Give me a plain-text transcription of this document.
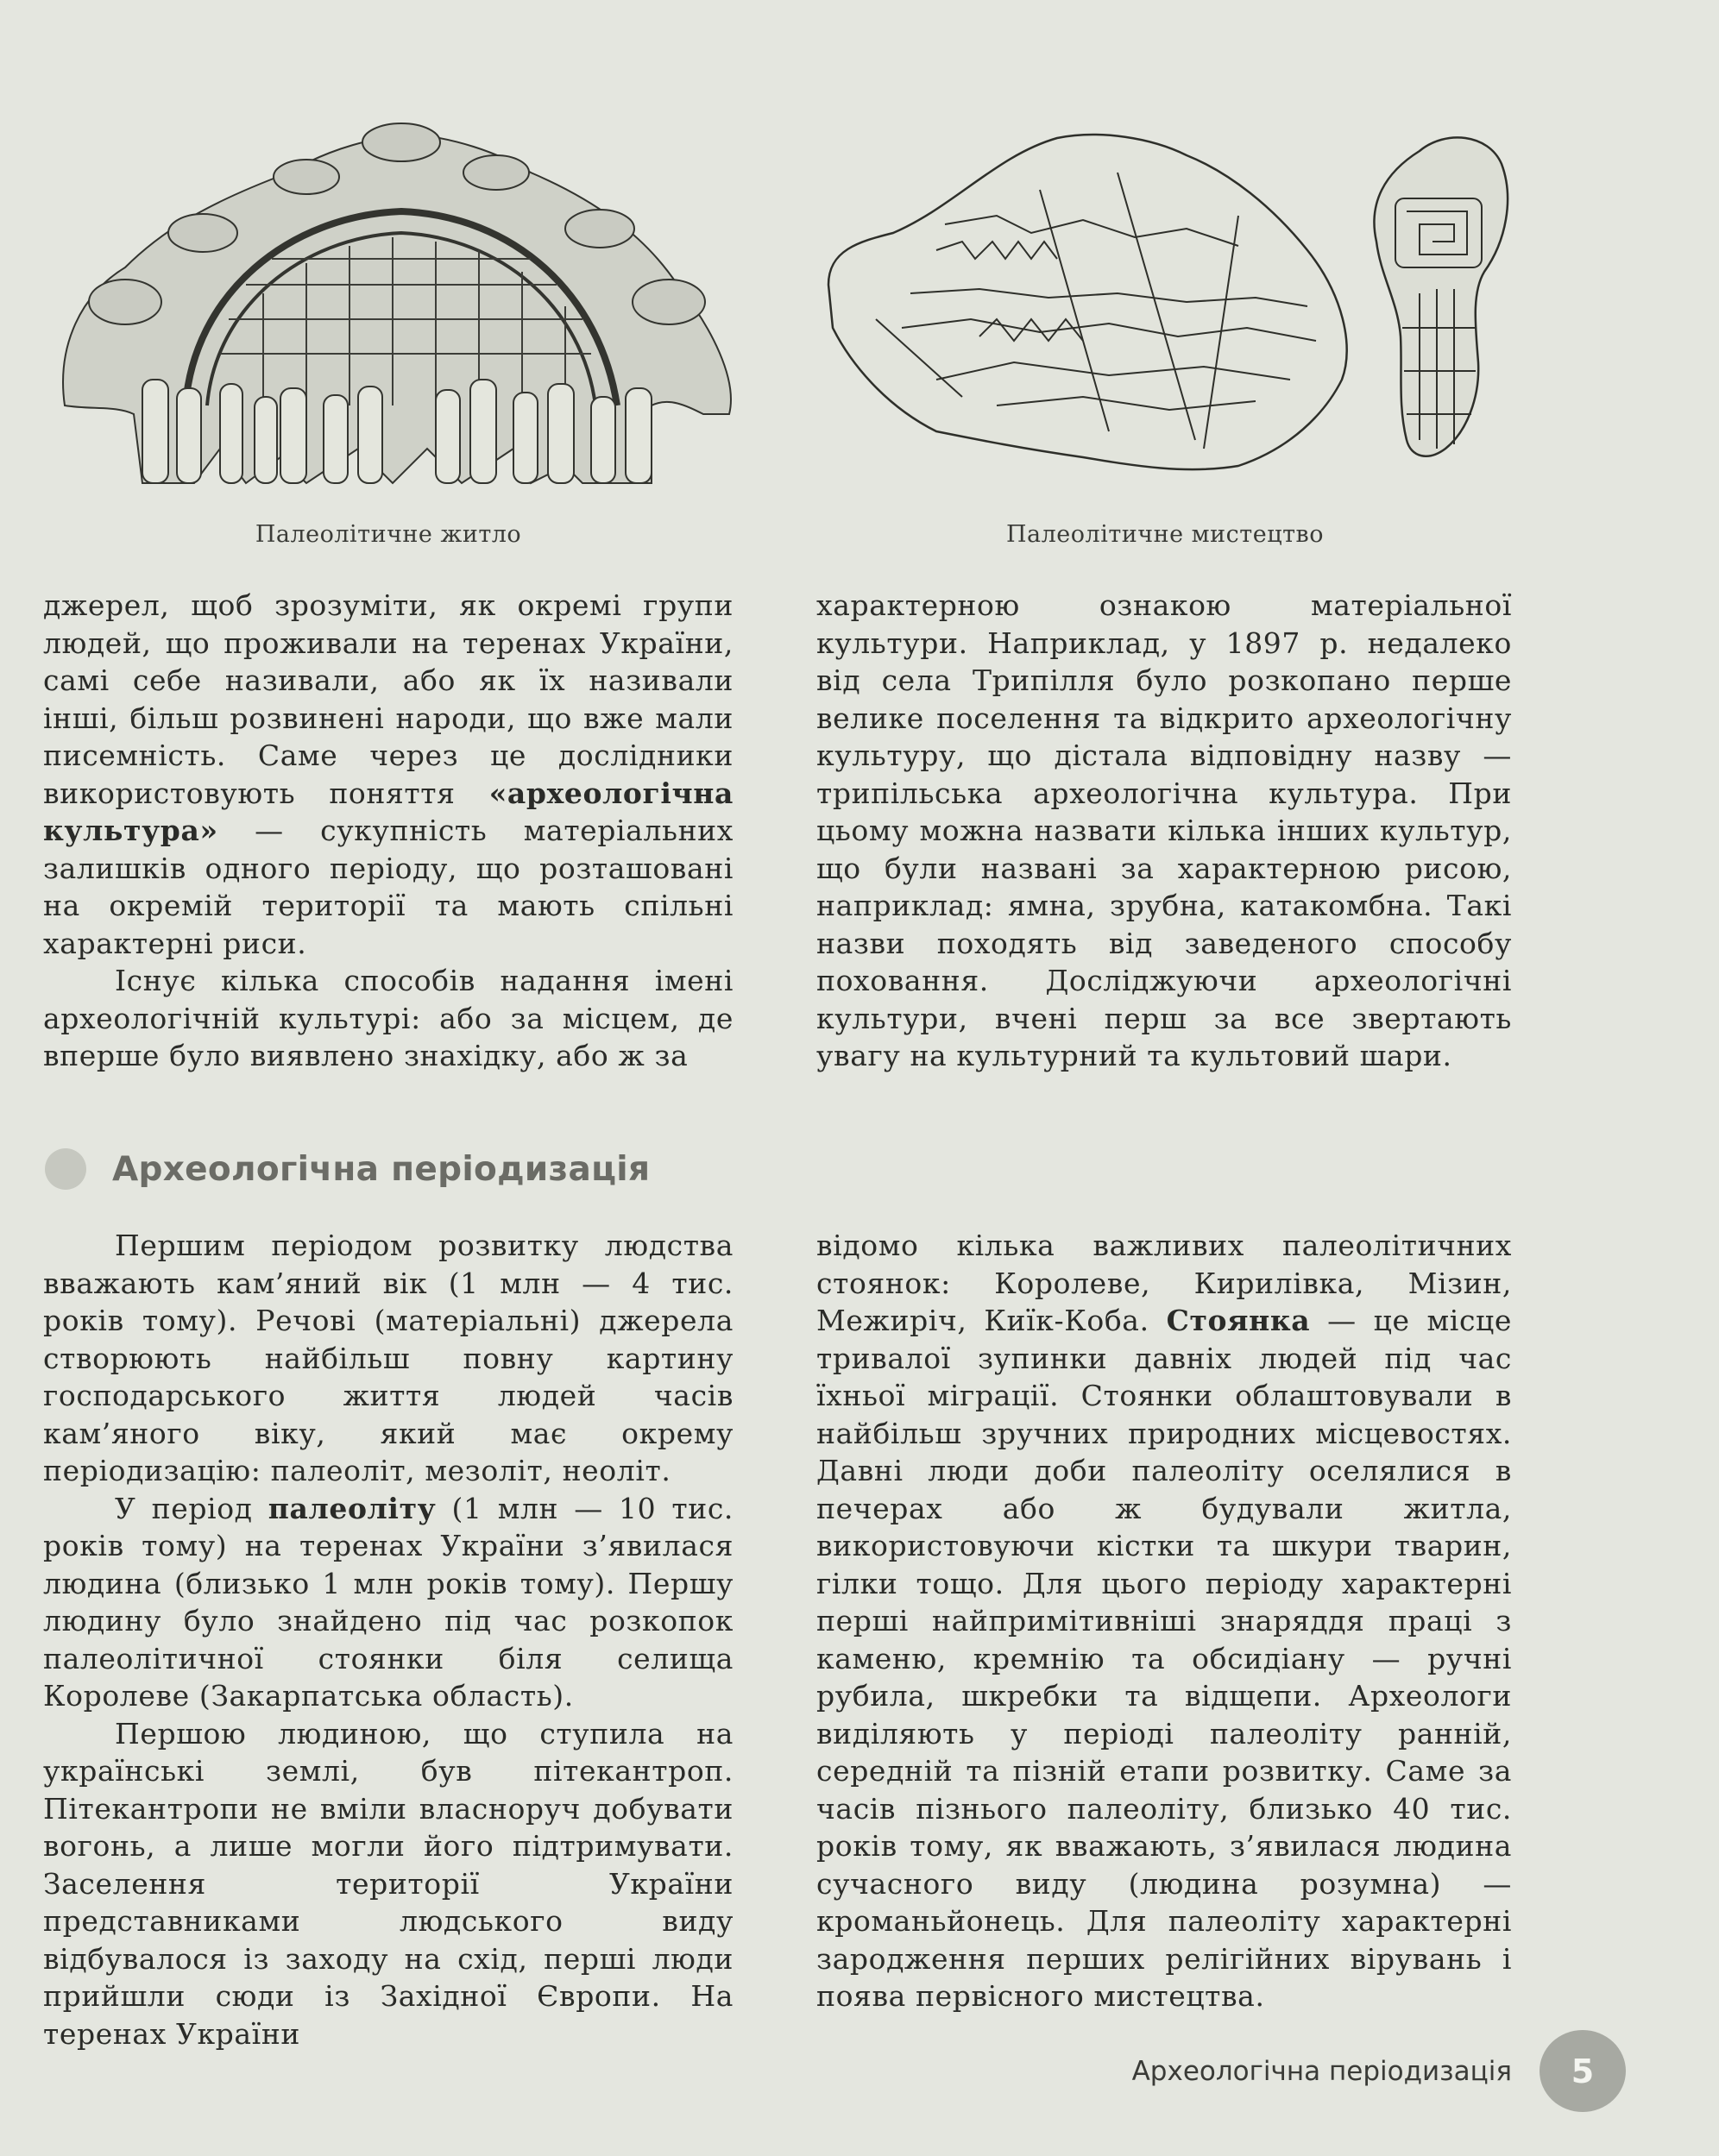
Палеолітичне житло	Палеолітичне мистецтво

джерел, щоб зрозуміти, як окремі групи людей, що проживали на теренах України, самі себе називали, або як їх називали інші, більш розвинені народи, що вже мали писемність. Саме через це дослідники використовують поняття «археологічна культура» — сукупність матеріальних залишків одного періоду, що розташовані на окремій території та мають спільні характерні риси.

Існує кілька способів надання імені археологічній культурі: або за місцем, де вперше було виявлено знахідку, або ж за

характерною ознакою матеріальної культури. Наприклад, у 1897 р. недалеко від села Трипілля було розкопано перше велике поселення та відкрито археологічну культуру, що дістала відповідну назву — трипільська археологічна культура. При цьому можна назвати кілька інших культур, що були названі за характерною рисою, наприклад: ямна, зрубна, катакомбна. Такі назви походять від заведеного способу поховання. Досліджуючи археологічні культури, вчені перш за все звертають увагу на культурний та культовий шари.

Археологічна періодизація

Першим періодом розвитку людства вважають кам’яний вік (1 млн — 4 тис. років тому). Речові (матеріальні) джерела створюють найбільш повну картину господарського життя людей часів кам’яного віку, який має окрему періодизацію: палеоліт, мезоліт, неоліт.

У період палеоліту (1 млн — 10 тис. років тому) на теренах України з’явилася людина (близько 1 млн років тому). Першу людину було знайдено під час розкопок палеолітичної стоянки біля селища Королеве (Закарпатська область).

Першою людиною, що ступила на українські землі, був пітекантроп. Пітекантропи не вміли власноруч добувати вогонь, а лише могли його підтримувати. Заселення території України представниками людського виду відбувалося із заходу на схід, перші люди прийшли сюди із Західної Європи. На теренах України

відомо кілька важливих палеолітичних стоянок: Королеве, Кирилівка, Мізин, Межиріч, Киїк-Коба. Стоянка — це місце тривалої зупинки давніх людей під час їхньої міграції. Стоянки облаштовували в найбільш зручних природних місцевостях. Давні люди доби палеоліту оселялися в печерах або ж будували житла, використовуючи кістки та шкури тварин, гілки тощо. Для цього періоду характерні перші найпримітивніші знаряддя праці з каменю, кремнію та обсидіану — ручні рубила, шкребки та відщепи. Археологи виділяють у періоді палеоліту ранній, середній та пізній етапи розвитку. Саме за часів пізнього палеоліту, близько 40 тис. років тому, як вважають, з’явилася людина сучасного виду (людина розумна) — кроманьйонець. Для палеоліту характерні зародження перших релігійних вірувань і поява первісного мистецтва.

Археологічна періодизація	5
